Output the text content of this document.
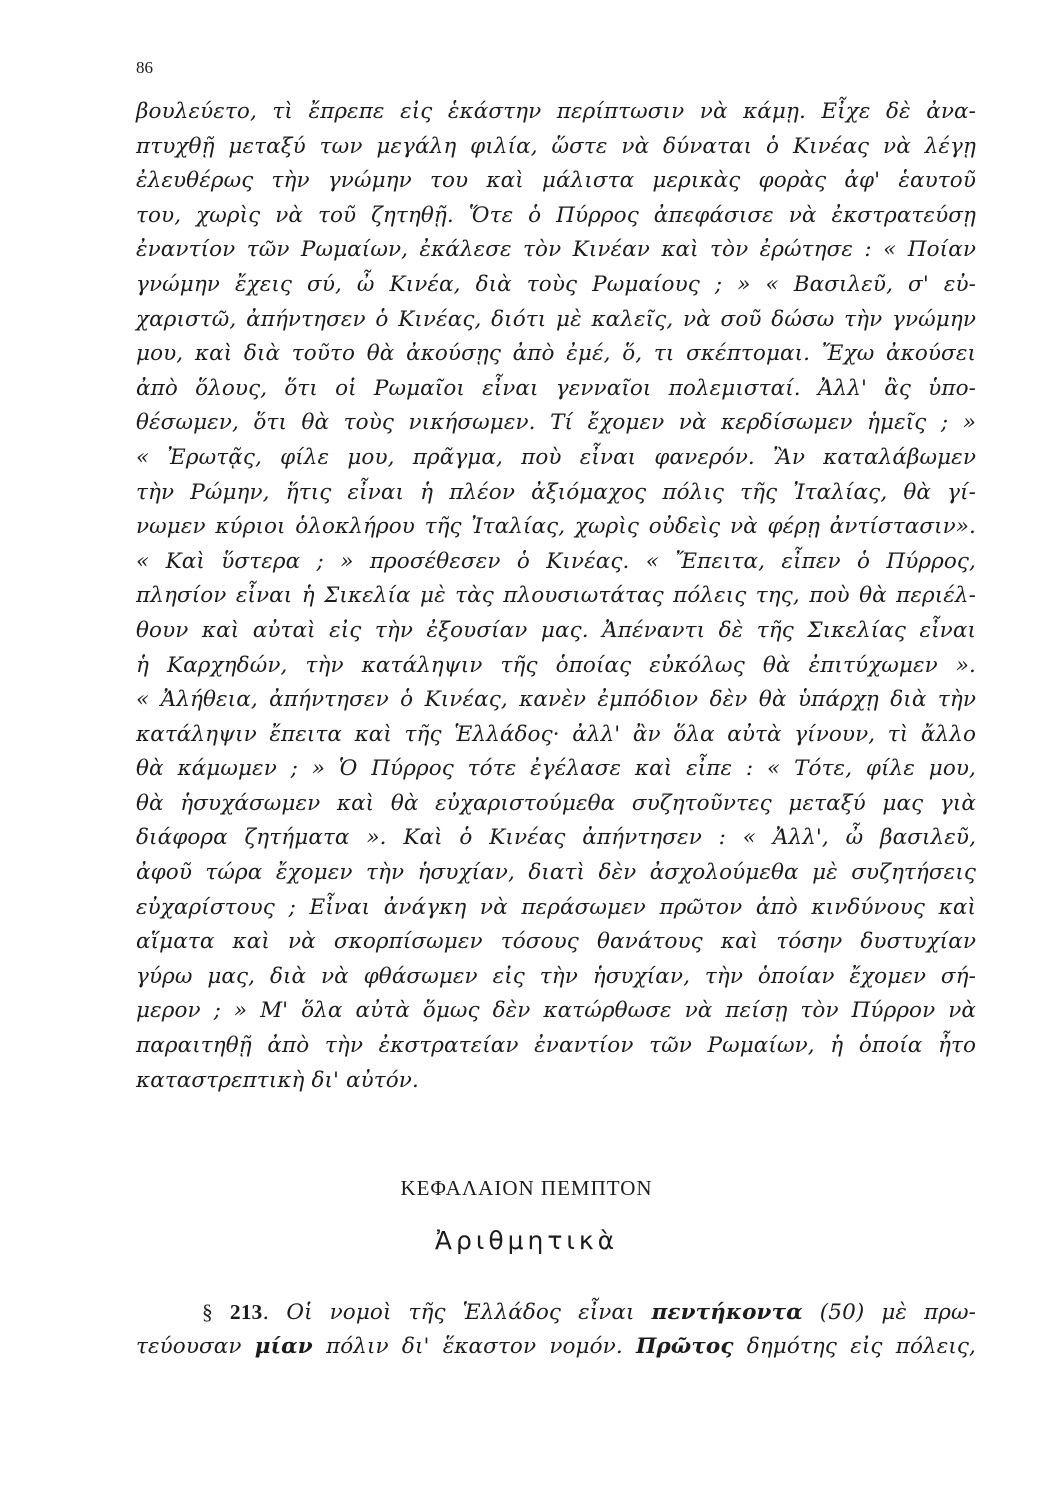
86
βουλεύετο, τὶ ἔπρεπε εἰς ἑκάστην περίπτωσιν νὰ κάμῃ. Εἶχε δὲ ἀνα-
πτυχθῇ μεταξύ των μεγάλη φιλία, ὥστε νὰ δύναται ὁ Κινέας νὰ λέγῃ
ἐλευθέρως τὴν γνώμην του καὶ μάλιστα μερικὰς φορὰς ἀφ' ἑαυτοῦ
του, χωρὶς νὰ τοῦ ζητηθῇ. Ὅτε ὁ Πύρρος ἀπεφάσισε νὰ ἐκστρατεύσῃ
ἐναντίον τῶν Ρωμαίων, ἐκάλεσε τὸν Κινέαν καὶ τὸν ἐρώτησε : « Ποίαν
γνώμην ἔχεις σύ, ὦ Κινέα, διὰ τοὺς Ρωμαίους ; » « Βασιλεῦ, σ' εὐ-
χαριστῶ, ἀπήντησεν ὁ Κινέας, διότι μὲ καλεῖς, νὰ σοῦ δώσω τὴν γνώμην
μου, καὶ διὰ τοῦτο θὰ ἀκούσῃς ἀπὸ ἐμέ, ὅ, τι σκέπτομαι. Ἔχω ἀκούσει
ἀπὸ ὅλους, ὅτι οἱ Ρωμαῖοι εἶναι γενναῖοι πολεμισταί. Ἀλλ' ἂς ὑπο-
θέσωμεν, ὅτι θὰ τοὺς νικήσωμεν. Τί ἔχομεν νὰ κερδίσωμεν ἡμεῖς ; »
« Ἐρωτᾷς, φίλε μου, πρᾶγμα, ποὺ εἶναι φανερόν. Ἂν καταλάβωμεν
τὴν Ρώμην, ἥτις εἶναι ἡ πλέον ἀξιόμαχος πόλις τῆς Ἰταλίας, θὰ γί-
νωμεν κύριοι ὁλοκλήρου τῆς Ἰταλίας, χωρὶς οὐδεὶς νὰ φέρῃ ἀντίστασιν».
« Καὶ ὕστερα ; » προσέθεσεν ὁ Κινέας. « Ἔπειτα, εἶπεν ὁ Πύρρος,
πλησίον εἶναι ἡ Σικελία μὲ τὰς πλουσιωτάτας πόλεις της, ποὺ θὰ περιέλ-
θουν καὶ αὐταὶ εἰς τὴν ἐξουσίαν μας. Ἀπέναντι δὲ τῆς Σικελίας εἶναι
ἡ Καρχηδών, τὴν κατάληψιν τῆς ὁποίας εὐκόλως θὰ ἐπιτύχωμεν ».
« Ἀλήθεια, ἀπήντησεν ὁ Κινέας, κανὲν ἐμπόδιον δὲν θὰ ὑπάρχῃ διὰ τὴν
κατάληψιν ἔπειτα καὶ τῆς Ἑλλάδος· ἀλλ' ἂν ὅλα αὐτὰ γίνουν, τὶ ἄλλο
θὰ κάμωμεν ; » Ὁ Πύρρος τότε ἐγέλασε καὶ εἶπε : « Τότε, φίλε μου,
θὰ ἡσυχάσωμεν καὶ θὰ εὐχαριστούμεθα συζητοῦντες μεταξύ μας γιὰ
διάφορα ζητήματα ». Καὶ ὁ Κινέας ἀπήντησεν : « Ἀλλ', ὦ βασιλεῦ,
ἀφοῦ τώρα ἔχομεν τὴν ἡσυχίαν, διατὶ δὲν ἀσχολούμεθα μὲ συζητήσεις
εὐχαρίστους ; Εἶναι ἀνάγκη νὰ περάσωμεν πρῶτον ἀπὸ κινδύνους καὶ
αἵματα καὶ νὰ σκορπίσωμεν τόσους θανάτους καὶ τόσην δυστυχίαν
γύρω μας, διὰ νὰ φθάσωμεν εἰς τὴν ἡσυχίαν, τὴν ὁποίαν ἔχομεν σή-
μερον ; » Μ' ὅλα αὐτὰ ὅμως δὲν κατώρθωσε νὰ πείσῃ τὸν Πύρρον νὰ
παραιτηθῇ ἀπὸ τὴν ἐκστρατείαν ἐναντίον τῶν Ρωμαίων, ἡ ὁποία ἦτο
καταστρεπτικὴ δι' αὐτόν.
ΚΕΦΑΛΑΙΟΝ ΠΕΜΠΤΟΝ
Ἀριθμητικὰ
§ 213. Οἱ νομοὶ τῆς Ἑλλάδος εἶναι πεντήκοντα (50) μὲ πρω-
τεύουσαν μίαν πόλιν δι' ἕκαστον νομόν. Πρῶτος δημότης εἰς πόλεις,
